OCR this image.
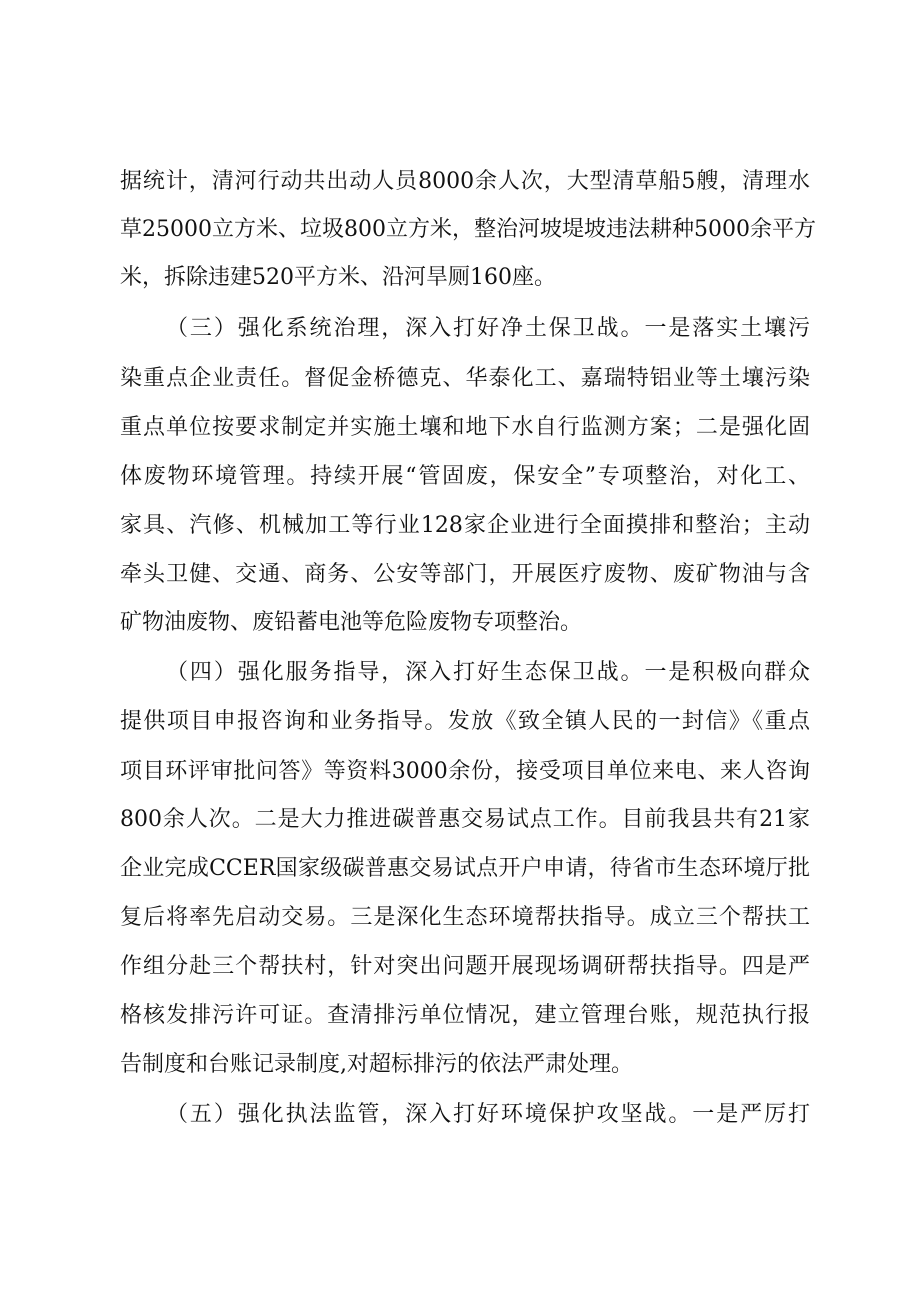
据统计，清河行动共出动人员8000余人次，大型清草船5艘，清理水
草25000立方米、垃圾800立方米，整治河坡堤坡违法耕种5000余平方
米，拆除违建520平方米、沿河旱厕160座。
（三）强化系统治理，深入打好净土保卫战。一是落实土壤污
染重点企业责任。督促金桥德克、华泰化工、嘉瑞特铝业等土壤污染
重点单位按要求制定并实施土壤和地下水自行监测方案；二是强化固
体废物环境管理。持续开展“管固废，保安全”专项整治，对化工、
家具、汽修、机械加工等行业128家企业进行全面摸排和整治；主动
牵头卫健、交通、商务、公安等部门，开展医疗废物、废矿物油与含
矿物油废物、废铅蓄电池等危险废物专项整治。
（四）强化服务指导，深入打好生态保卫战。一是积极向群众
提供项目申报咨询和业务指导。发放《致全镇人民的一封信》《重点
项目环评审批问答》等资料3000余份，接受项目单位来电、来人咨询
800余人次。二是大力推进碳普惠交易试点工作。目前我县共有21家
企业完成CCER国家级碳普惠交易试点开户申请，待省市生态环境厅批
复后将率先启动交易。三是深化生态环境帮扶指导。成立三个帮扶工
作组分赴三个帮扶村，针对突出问题开展现场调研帮扶指导。四是严
格核发排污许可证。查清排污单位情况，建立管理台账，规范执行报
告制度和台账记录制度,对超标排污的依法严肃处理。
（五）强化执法监管，深入打好环境保护攻坚战。一是严厉打
